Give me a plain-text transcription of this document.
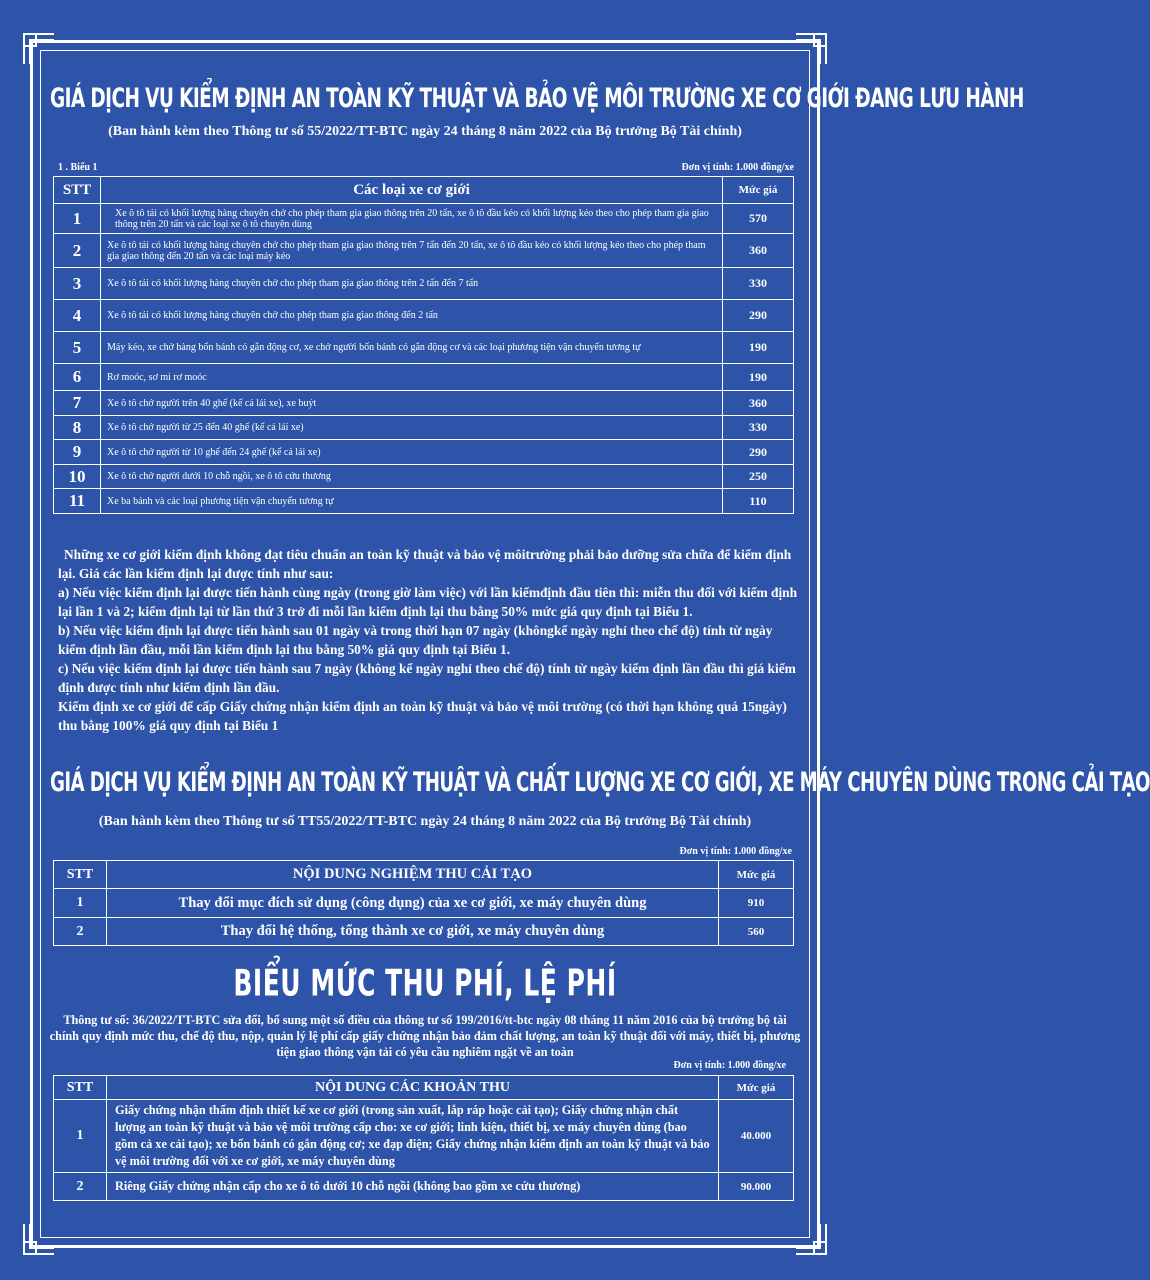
GIÁ DỊCH VỤ KIỂM ĐỊNH AN TOÀN KỸ THUẬT VÀ BẢO VỆ MÔI TRƯỜNG XE CƠ GIỚI ĐANG LƯU HÀNH
(Ban hành kèm theo Thông tư số 55/2022/TT-BTC ngày 24 tháng 8 năm 2022 của Bộ trưởng Bộ Tài chính)
1 . Biểu 1	Đơn vị tính: 1.000 đồng/xe
STT	Các loại xe cơ giới	Mức giá
1	Xe ô tô tải có khối lượng hàng chuyên chở cho phép tham gia giao thông trên 20 tấn, xe ô tô đầu kéo có khối lượng kéo theo cho phép tham gia giao thông trên 20 tấn và các loại xe ô tô chuyên dùng	570
2	Xe ô tô tải có khối lượng hàng chuyên chở cho phép tham gia giao thông trên 7 tấn đến 20 tấn, xe ô tô đầu kéo có khối lượng kéo theo cho phép tham gia giao thông đến 20 tấn và các loại máy kéo	360
3	Xe ô tô tải có khối lượng hàng chuyên chở cho phép tham gia giao thông trên 2 tấn đến 7 tấn	330
4	Xe ô tô tải có khối lượng hàng chuyên chở cho phép tham gia giao thông đến 2 tấn	290
5	Máy kéo, xe chở hàng bốn bánh có gắn động cơ, xe chở người bốn bánh có gắn động cơ và các loại phương tiện vận chuyển tương tự	190
6	Rơ moóc, sơ mi rơ moóc	190
7	Xe ô tô chở người trên 40 ghế (kể cả lái xe), xe buýt	360
8	Xe ô tô chở người từ 25 đến 40 ghế (kể cả lái xe)	330
9	Xe ô tô chở người từ 10 ghế đến 24 ghế (kể cả lái xe)	290
10	Xe ô tô chở người dưới 10 chỗ ngồi, xe ô tô cứu thương	250
11	Xe ba bánh và các loại phương tiện vận chuyển tương tự	110

Những xe cơ giới kiểm định không đạt tiêu chuẩn an toàn kỹ thuật và bảo vệ môitrường phải bảo dưỡng sửa chữa để kiểm định lại. Giá các lần kiểm định lại được tính như sau:

a) Nếu việc kiểm định lại được tiến hành cùng ngày (trong giờ làm việc) với lần kiểmđịnh đầu tiên thì: miễn thu đối với kiểm định lại lần 1 và 2; kiểm định lại từ lần thứ 3 trở đi mỗi lần kiểm định lại thu bằng 50% mức giá quy định tại Biểu 1.

b) Nếu việc kiểm định lại được tiến hành sau 01 ngày và trong thời hạn 07 ngày (khôngkể ngày nghỉ theo chế độ) tính từ ngày kiểm định lần đầu, mỗi lần kiểm định lại thu bằng 50% giá quy định tại Biểu 1.

c) Nếu việc kiểm định lại được tiến hành sau 7 ngày (không kể ngày nghỉ theo chế độ) tính từ ngày kiểm định lần đầu thì giá kiểm định được tính như kiểm định lần đầu.

Kiểm định xe cơ giới để cấp Giấy chứng nhận kiểm định an toàn kỹ thuật và bảo vệ môi trường (có thời hạn không quá 15ngày) thu bằng 100% giá quy định tại Biểu 1

GIÁ DỊCH VỤ KIỂM ĐỊNH AN TOÀN KỸ THUẬT VÀ CHẤT LƯỢNG XE CƠ GIỚI, XE MÁY CHUYÊN DÙNG TRONG CẢI TẠO
(Ban hành kèm theo Thông tư số TT55/2022/TT-BTC ngày 24 tháng 8 năm 2022 của Bộ trưởng Bộ Tài chính)
Đơn vị tính: 1.000 đồng/xe
STT	NỘI DUNG NGHIỆM THU CẢI TẠO	Mức giá
1	Thay đổi mục đích sử dụng (công dụng) của xe cơ giới, xe máy chuyên dùng	910
2	Thay đổi hệ thống, tổng thành xe cơ giới, xe máy chuyên dùng	560
BIỂU MỨC THU PHÍ, LỆ PHÍ
Thông tư số: 36/2022/TT-BTC sửa đổi, bổ sung một số điều của thông tư số 199/2016/tt-btc ngày 08 tháng 11 năm 2016 của bộ trưởng bộ tài chính quy định mức thu, chế độ thu, nộp, quản lý lệ phí cấp giấy chứng nhận bảo đảm chất lượng, an toàn kỹ thuật đối với máy, thiết bị, phương tiện giao thông vận tải có yêu cầu nghiêm ngặt về an toàn
Đơn vị tính: 1.000 đồng/xe
STT	NỘI DUNG CÁC KHOẢN THU	Mức giá
1	Giấy chứng nhận thẩm định thiết kế xe cơ giới (trong sản xuất, lắp ráp hoặc cải tạo); Giấy chứng nhận chất lượng an toàn kỹ thuật và bảo vệ môi trường cấp cho: xe cơ giới; linh kiện, thiết bị, xe máy chuyên dùng (bao gồm cả xe cải tạo); xe bốn bánh có gắn động cơ; xe đạp điện; Giấy chứng nhận kiểm định an toàn kỹ thuật và bảo vệ môi trường đối với xe cơ giới, xe máy chuyên dùng	40.000
2	Riêng Giấy chứng nhận cấp cho xe ô tô dưới 10 chỗ ngồi (không bao gồm xe cứu thương)	90.000
